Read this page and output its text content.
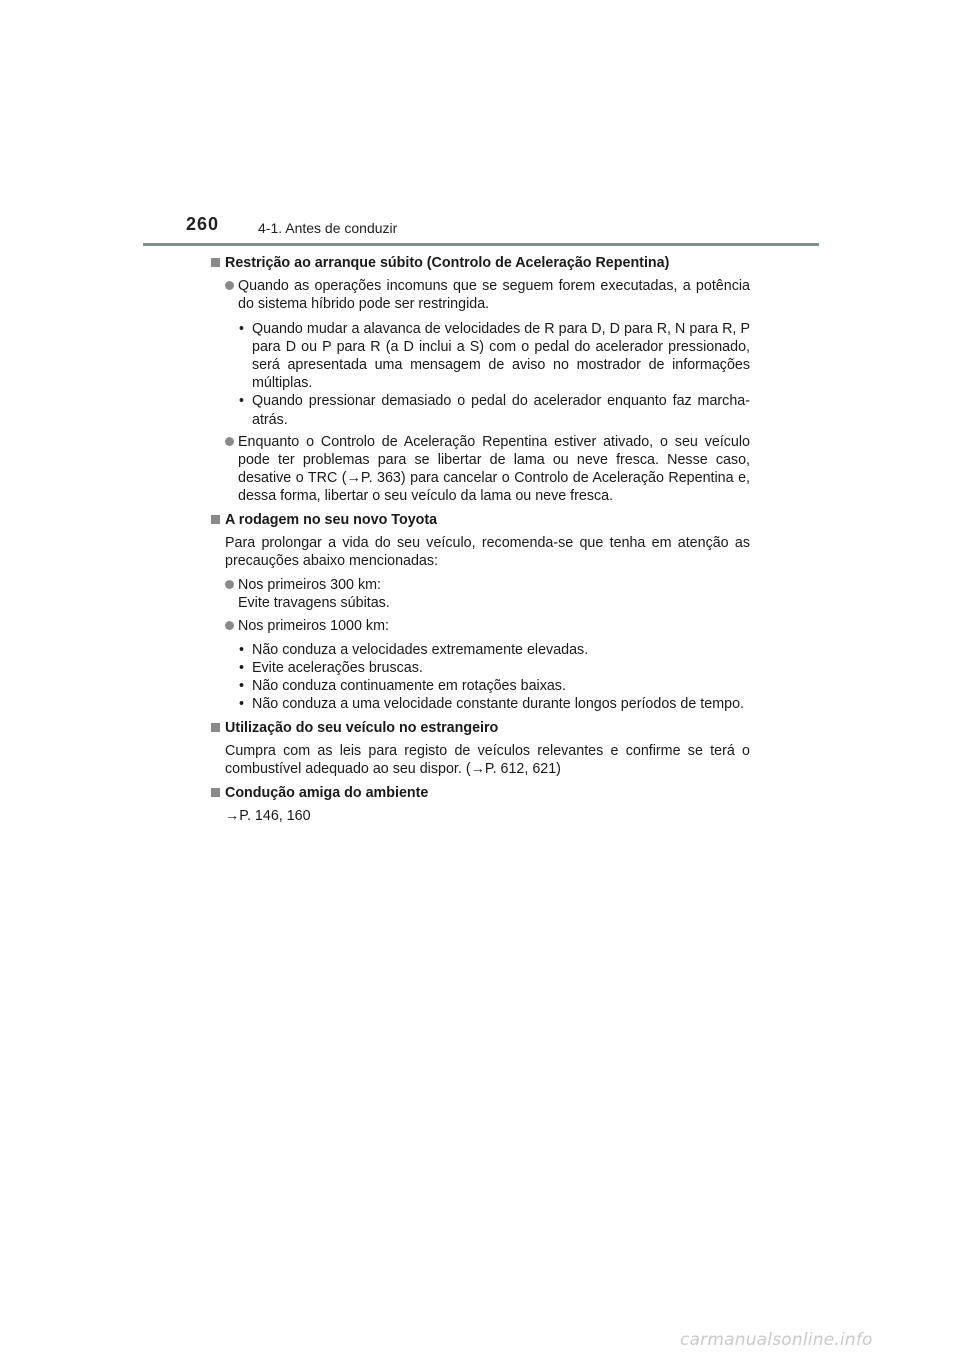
260	4-1. Antes de conduzir
Restrição ao arranque súbito (Controlo de Aceleração Repentina)
Quando as operações incomuns que se seguem forem executadas, a potência do sistema híbrido pode ser restringida.

• Quando mudar a alavanca de velocidades de R para D, D para R, N para R, P para D ou P para R (a D inclui a S) com o pedal do acelerador pressionado, será apresentada uma mensagem de aviso no mostrador de informações múltiplas.

• Quando pressionar demasiado o pedal do acelerador enquanto faz marcha-atrás.

Enquanto o Controlo de Aceleração Repentina estiver ativado, o seu veículo pode ter problemas para se libertar de lama ou neve fresca. Nesse caso, desative o TRC (→P. 363) para cancelar o Controlo de Aceleração Repentina e, dessa forma, libertar o seu veículo da lama ou neve fresca.
A rodagem no seu novo Toyota
Para prolongar a vida do seu veículo, recomenda-se que tenha em atenção as precauções abaixo mencionadas:
Nos primeiros 300 km:
Evite travagens súbitas.
Nos primeiros 1000 km:

• Não conduza a velocidades extremamente elevadas.

• Evite acelerações bruscas.

• Não conduza continuamente em rotações baixas.

• Não conduza a uma velocidade constante durante longos períodos de tempo.

Utilização do seu veículo no estrangeiro
Cumpra com as leis para registo de veículos relevantes e confirme se terá o combustível adequado ao seu dispor. (→P. 612, 621)
Condução amiga do ambiente
→P. 146, 160
carmanualsonline.info
